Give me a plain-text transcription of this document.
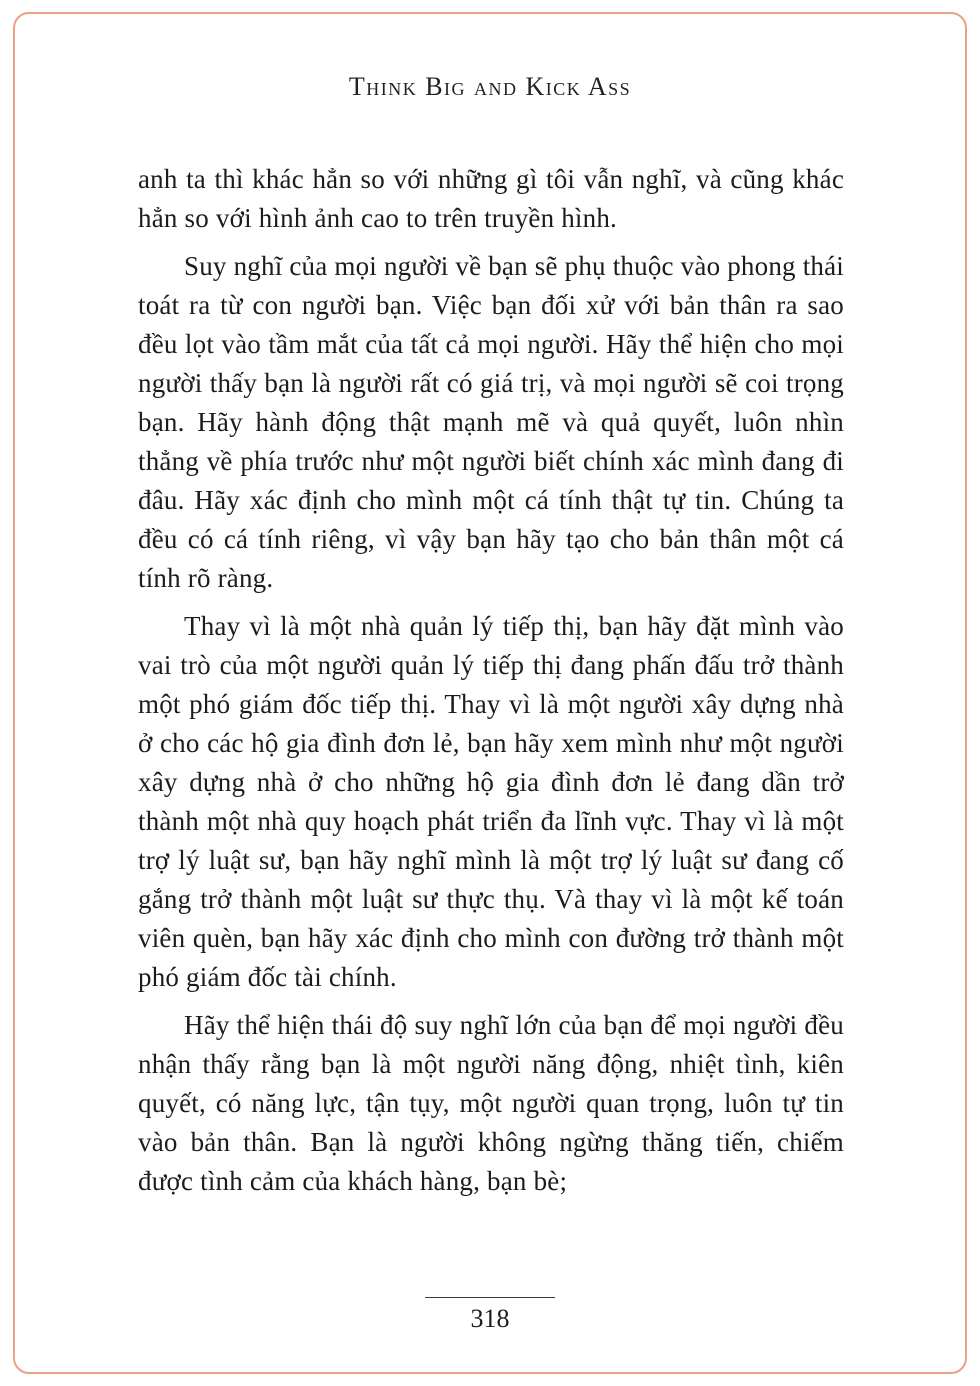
Think Big and Kick Ass

anh ta thì khác hẳn so với những gì tôi vẫn nghĩ, và cũng khác hẳn so với hình ảnh cao to trên truyền hình.

Suy nghĩ của mọi người về bạn sẽ phụ thuộc vào phong thái toát ra từ con người bạn. Việc bạn đối xử với bản thân ra sao đều lọt vào tầm mắt của tất cả mọi người. Hãy thể hiện cho mọi người thấy bạn là người rất có giá trị, và mọi người sẽ coi trọng bạn. Hãy hành động thật mạnh mẽ và quả quyết, luôn nhìn thẳng về phía trước như một người biết chính xác mình đang đi đâu. Hãy xác định cho mình một cá tính thật tự tin. Chúng ta đều có cá tính riêng, vì vậy bạn hãy tạo cho bản thân một cá tính rõ ràng.

Thay vì là một nhà quản lý tiếp thị, bạn hãy đặt mình vào vai trò của một người quản lý tiếp thị đang phấn đấu trở thành một phó giám đốc tiếp thị. Thay vì là một người xây dựng nhà ở cho các hộ gia đình đơn lẻ, bạn hãy xem mình như một người xây dựng nhà ở cho những hộ gia đình đơn lẻ đang dần trở thành một nhà quy hoạch phát triển đa lĩnh vực. Thay vì là một trợ lý luật sư, bạn hãy nghĩ mình là một trợ lý luật sư đang cố gắng trở thành một luật sư thực thụ. Và thay vì là một kế toán viên quèn, bạn hãy xác định cho mình con đường trở thành một phó giám đốc tài chính.

Hãy thể hiện thái độ suy nghĩ lớn của bạn để mọi người đều nhận thấy rằng bạn là một người năng động, nhiệt tình, kiên quyết, có năng lực, tận tụy, một người quan trọng, luôn tự tin vào bản thân. Bạn là người không ngừng thăng tiến, chiếm được tình cảm của khách hàng, bạn bè;

318
